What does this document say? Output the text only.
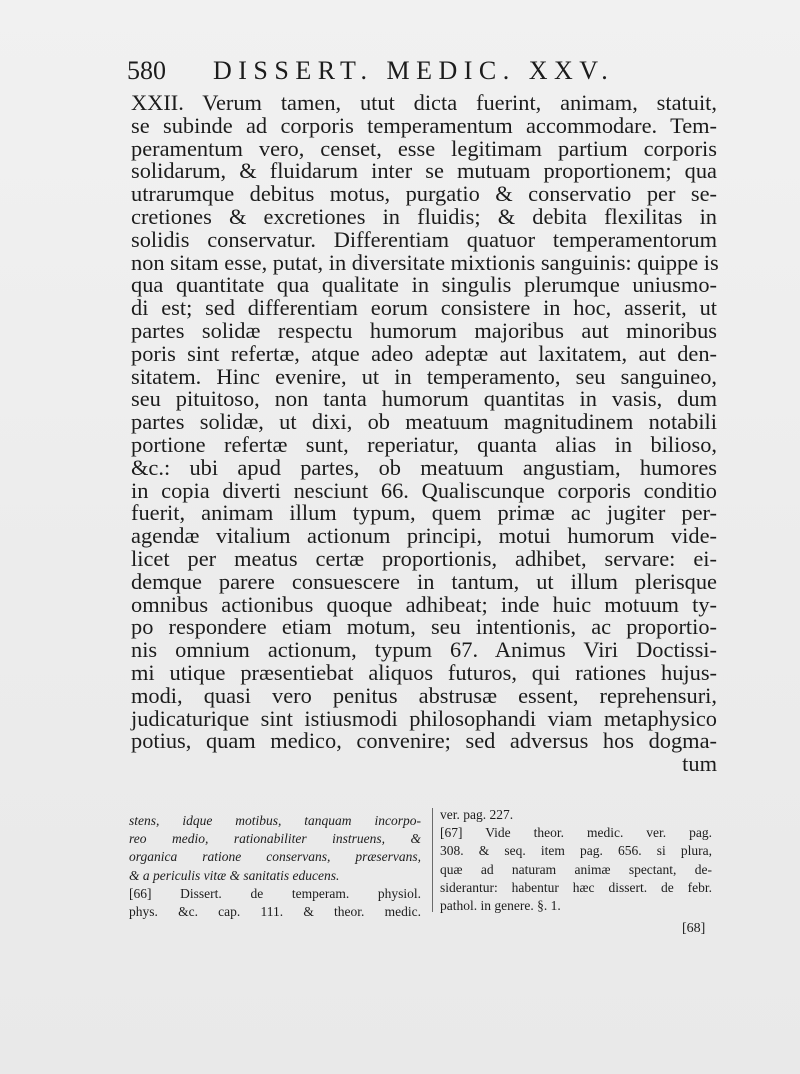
580 DISSERT. MEDIC. XXV.
XXII. Verum tamen, utut dicta fuerint, animam, statuit,
se subinde ad corporis temperamentum accommodare. Tem-
peramentum vero, censet, esse legitimam partium corporis
solidarum, & fluidarum inter se mutuam proportionem; qua
utrarumque debitus motus, purgatio & conservatio per se-
cretiones & excretiones in fluidis; & debita flexilitas in
solidis conservatur. Differentiam quatuor temperamentorum
non sitam esse, putat, in diversitate mixtionis sanguinis: quippe is
qua quantitate qua qualitate in singulis plerumque uniusmo-
di est; sed differentiam eorum consistere in hoc, asserit, ut
partes solidæ respectu humorum majoribus aut minoribus
poris sint refertæ, atque adeo adeptæ aut laxitatem, aut den-
sitatem. Hinc evenire, ut in temperamento, seu sanguineo,
seu pituitoso, non tanta humorum quantitas in vasis, dum
partes solidæ, ut dixi, ob meatuum magnitudinem notabili
portione refertæ sunt, reperiatur, quanta alias in bilioso,
&c.: ubi apud partes, ob meatuum angustiam, humores
in copia diverti nesciunt 66. Qualiscunque corporis conditio
fuerit, animam illum typum, quem primæ ac jugiter per-
agendæ vitalium actionum principi, motui humorum vide-
licet per meatus certæ proportionis, adhibet, servare: ei-
demque parere consuescere in tantum, ut illum plerisque
omnibus actionibus quoque adhibeat; inde huic motuum ty-
po respondere etiam motum, seu intentionis, ac proportio-
nis omnium actionum, typum 67. Animus Viri Doctissi-
mi utique præsentiebat aliquos futuros, qui rationes hujus-
modi, quasi vero penitus abstrusæ essent, reprehensuri,
judicaturique sint istiusmodi philosophandi viam metaphysico
potius, quam medico, convenire; sed adversus hos dogma-
tum
stens, idque motibus, tanquam incorpo-
reo medio, rationabiliter instruens, &
organica ratione conservans, præservans,
& a periculis vitæ & sanitatis educens.
[66] Dissert. de temperam. physiol.
phys. &c. cap. 111. & theor. medic.
ver. pag. 227.
[67] Vide theor. medic. ver. pag.
308. & seq. item pag. 656. si plura,
quæ ad naturam animæ spectant, de-
siderantur: habentur hæc dissert. de febr.
pathol. in genere. §. 1.
[68]
